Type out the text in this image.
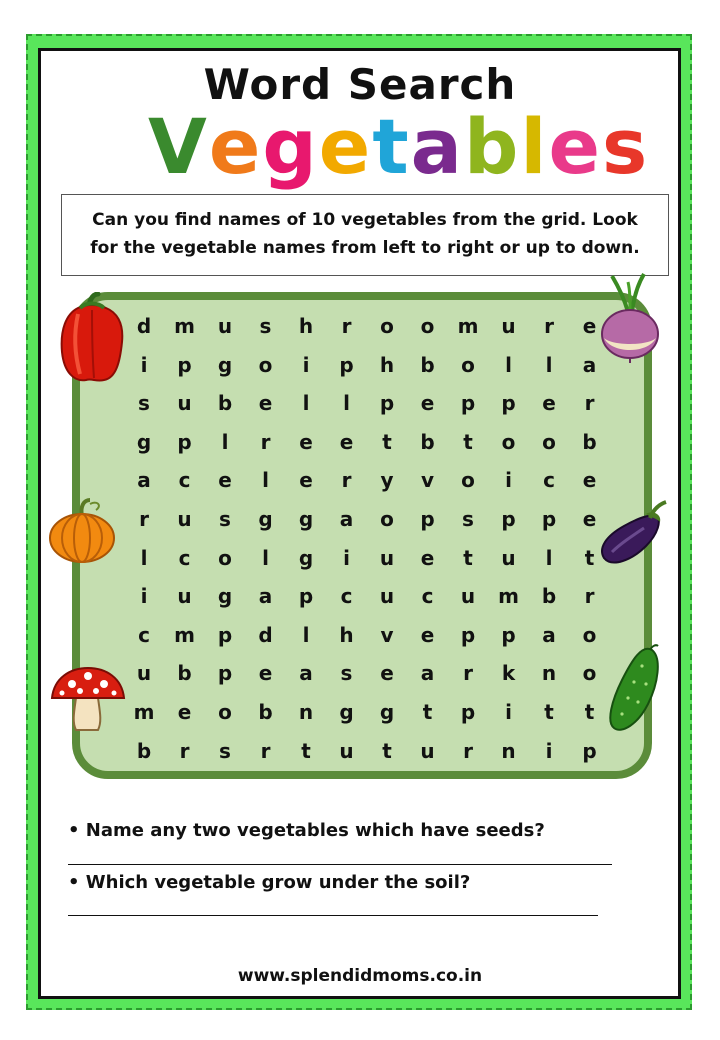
Word Search
Vegetables
Can you find names of 10 vegetables from the grid. Look
for the vegetable names from left to right or up to down.
d	m	u	s	h	r	o	o	m	u	r	e
i	p	g	o	i	p	h	b	o	l	l	a
s	u	b	e	l	l	p	e	p	p	e	r
g	p	l	r	e	e	t	b	t	o	o	b
a	c	e	l	e	r	y	v	o	i	c	e
r	u	s	g	g	a	o	p	s	p	p	e
l	c	o	l	g	i	u	e	t	u	l	t
i	u	g	a	p	c	u	c	u	m	b	r
c	m	p	d	l	h	v	e	p	p	a	o
u	b	p	e	a	s	e	a	r	k	n	o
m	e	o	b	n	g	g	t	p	i	t	t
b	r	s	r	t	u	t	u	r	n	i	p
• Name any two vegetables which have seeds?
• Which vegetable grow under the soil?
www.splendidmoms.co.in
